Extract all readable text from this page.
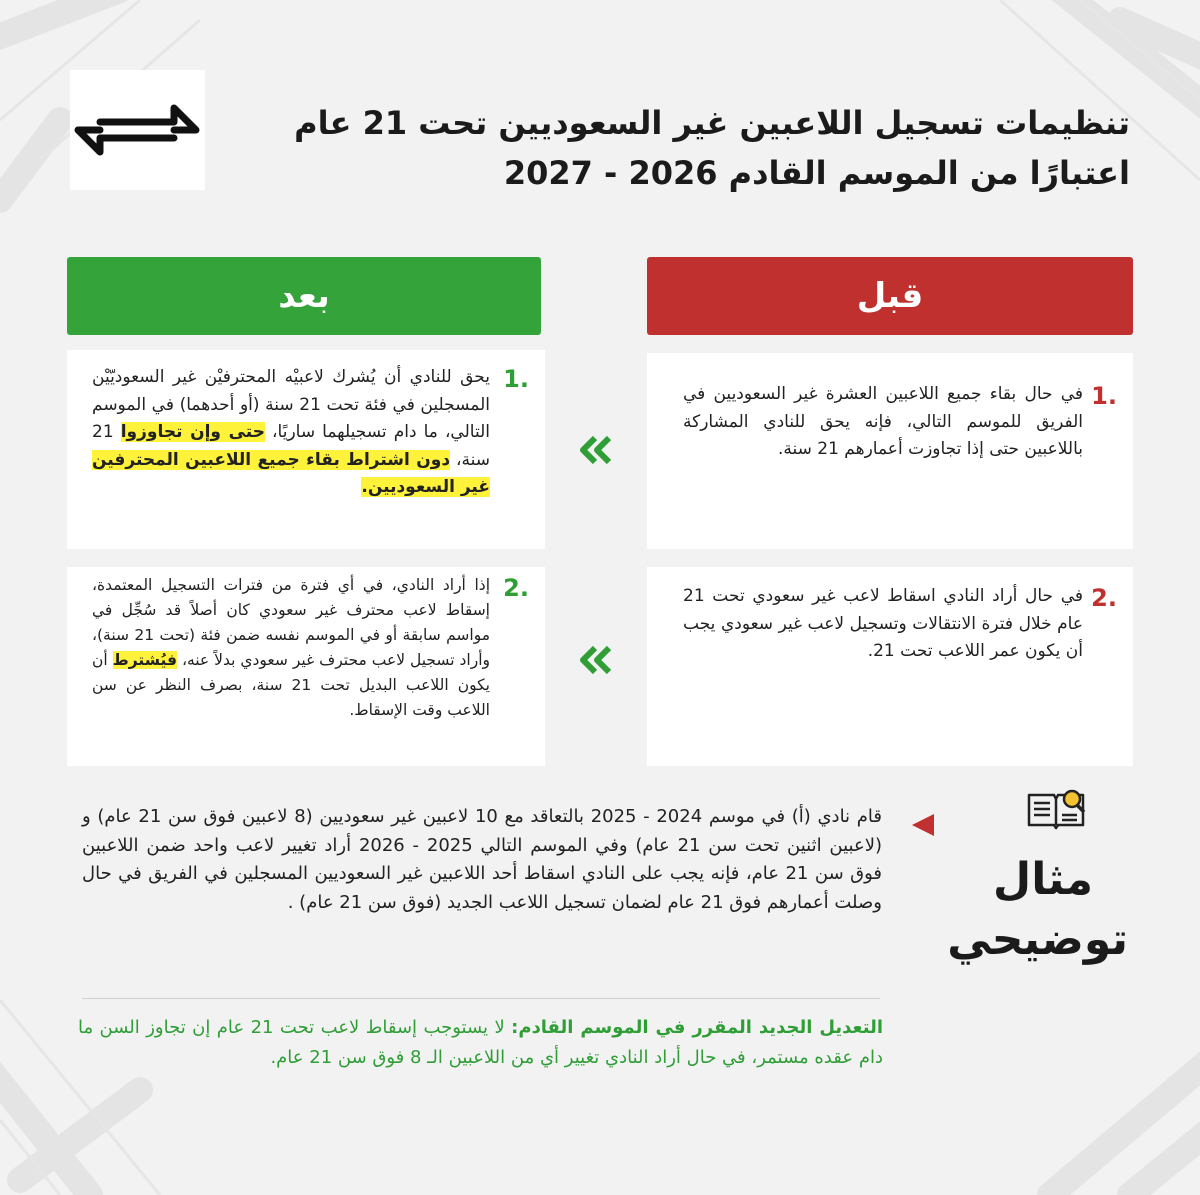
تنظيمات تسجيل اللاعبين غير السعوديين تحت 21 عام
اعتبارًا من الموسم القادم 2026 - 2027
بعد	قبل
.1
في حال بقاء جميع اللاعبين العشرة غير السعوديين في الفريق للموسم التالي، فإنه يحق للنادي المشاركة باللاعبين حتى إذا تجاوزت أعمارهم 21 سنة.
.2
في حال أراد النادي اسقاط لاعب غير سعودي تحت 21 عام خلال فترة الانتقالات وتسجيل لاعب غير سعودي يجب أن يكون عمر اللاعب تحت 21.
.1
يحق للنادي أن يُشرك لاعبيْه المحترفيْن غير السعوديّيْن المسجلين في فئة تحت 21 سنة (أو أحدهما) في الموسم التالي، ما دام تسجيلهما ساريًا، حتى وإن تجاوزوا 21 سنة، دون اشتراط بقاء جميع اللاعبين المحترفين غير السعوديين.
.2
إذا أراد النادي، في أي فترة من فترات التسجيل المعتمدة، إسقاط لاعب محترف غير سعودي كان أصلاً قد سُجِّل في مواسم سابقة أو في الموسم نفسه ضمن فئة (تحت 21 سنة)، وأراد تسجيل لاعب محترف غير سعودي بدلاً عنه، فيُشترط أن يكون اللاعب البديل تحت 21 سنة، بصرف النظر عن سن اللاعب وقت الإسقاط.
مثال
توضيحي
قام نادي (أ) في موسم 2024 - 2025 بالتعاقد مع 10 لاعبين غير سعوديين (8 لاعبين فوق سن 21 عام) و (لاعبين اثنين تحت سن 21 عام) وفي الموسم التالي 2025 - 2026 أراد تغيير لاعب واحد ضمن اللاعبين فوق سن 21 عام، فإنه يجب على النادي اسقاط أحد اللاعبين غير السعوديين المسجلين في الفريق في حال وصلت أعمارهم فوق 21 عام لضمان تسجيل اللاعب الجديد (فوق سن 21 عام) .
التعديل الجديد المقرر في الموسم القادم: لا يستوجب إسقاط لاعب تحت 21 عام إن تجاوز السن ما دام عقده مستمر، في حال أراد النادي تغيير أي من اللاعبين الـ 8 فوق سن 21 عام.
